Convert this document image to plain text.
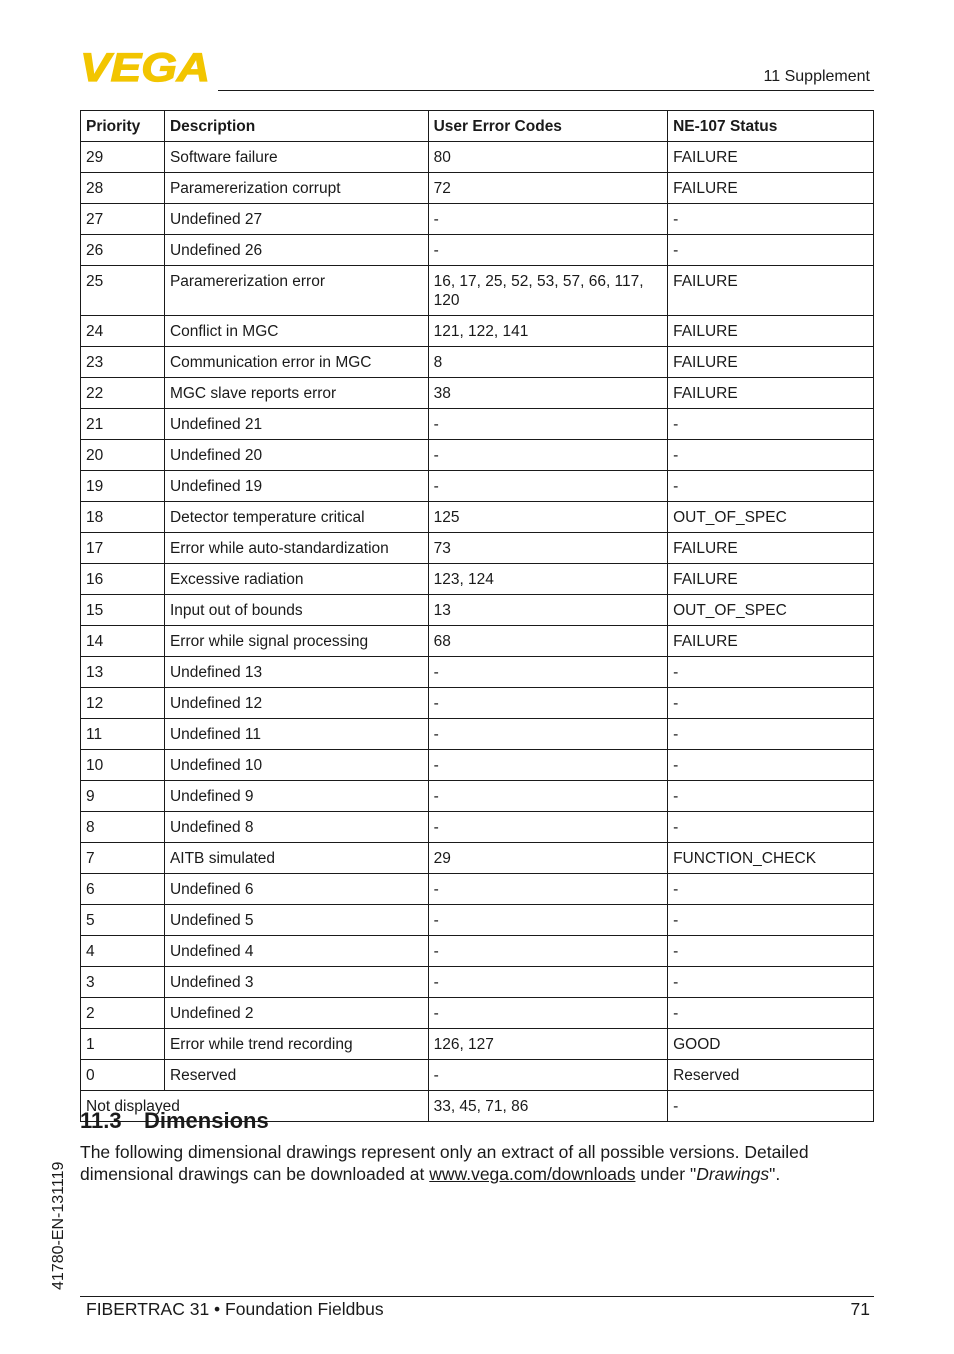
VEGA	11 Supplement
Priority	Description	User Error Codes	NE-107 Status
29	Software failure	80	FAILURE
28	Paramererization corrupt	72	FAILURE
27	Undefined 27	-	-
26	Undefined 26	-	-
25	Paramererization error	16, 17, 25, 52, 53, 57, 66, 117, 120	FAILURE
24	Conflict in MGC	121, 122, 141	FAILURE
23	Communication error in MGC	8	FAILURE
22	MGC slave reports error	38	FAILURE
21	Undefined 21	-	-
20	Undefined 20	-	-
19	Undefined 19	-	-
18	Detector temperature critical	125	OUT_OF_SPEC
17	Error while auto-standardization	73	FAILURE
16	Excessive radiation	123, 124	FAILURE
15	Input out of bounds	13	OUT_OF_SPEC
14	Error while signal processing	68	FAILURE
13	Undefined 13	-	-
12	Undefined 12	-	-
11	Undefined 11	-	-
10	Undefined 10	-	-
9	Undefined 9	-	-
8	Undefined 8	-	-
7	AITB simulated	29	FUNCTION_CHECK
6	Undefined 6	-	-
5	Undefined 5	-	-
4	Undefined 4	-	-
3	Undefined 3	-	-
2	Undefined 2	-	-
1	Error while trend recording	126, 127	GOOD
0	Reserved	-	Reserved
Not displayed		33, 45, 71, 86	-
11.3 Dimensions

The following dimensional drawings represent only an extract of all possible versions. Detailed dimensional drawings can be downloaded at www.vega.com/downloads under "Drawings".

41780-EN-131119
FIBERTRAC 31 • Foundation Fieldbus	71
